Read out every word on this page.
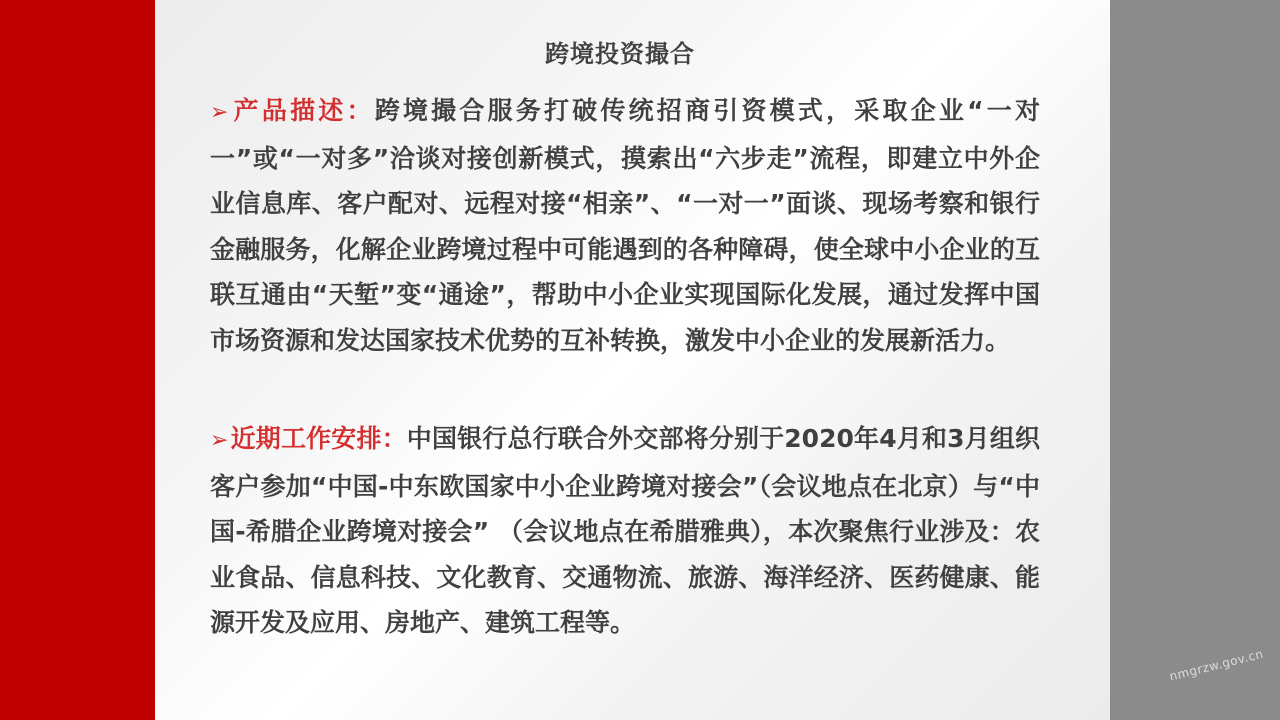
跨境投资撮合
➢产品描述：跨境撮合服务打破传统招商引资模式，采取企业“一对一”或“一对多”洽谈对接创新模式，摸索出“六步走”流程，即建立中外企业信息库、客户配对、远程对接“相亲”、“一对一”面谈、现场考察和银行金融服务，化解企业跨境过程中可能遇到的各种障碍，使全球中小企业的互联互通由“天堑”变“通途”，帮助中小企业实现国际化发展，通过发挥中国市场资源和发达国家技术优势的互补转换，激发中小企业的发展新活力。
➢近期工作安排：中国银行总行联合外交部将分别于2020年4月和3月组织客户参加“中国-中东欧国家中小企业跨境对接会”（会议地点在北京）与“中国-希腊企业跨境对接会” （会议地点在希腊雅典），本次聚焦行业涉及：农业食品、信息科技、文化教育、交通物流、旅游、海洋经济、医药健康、能源开发及应用、房地产、建筑工程等。
nmgrzw.gov.cn
